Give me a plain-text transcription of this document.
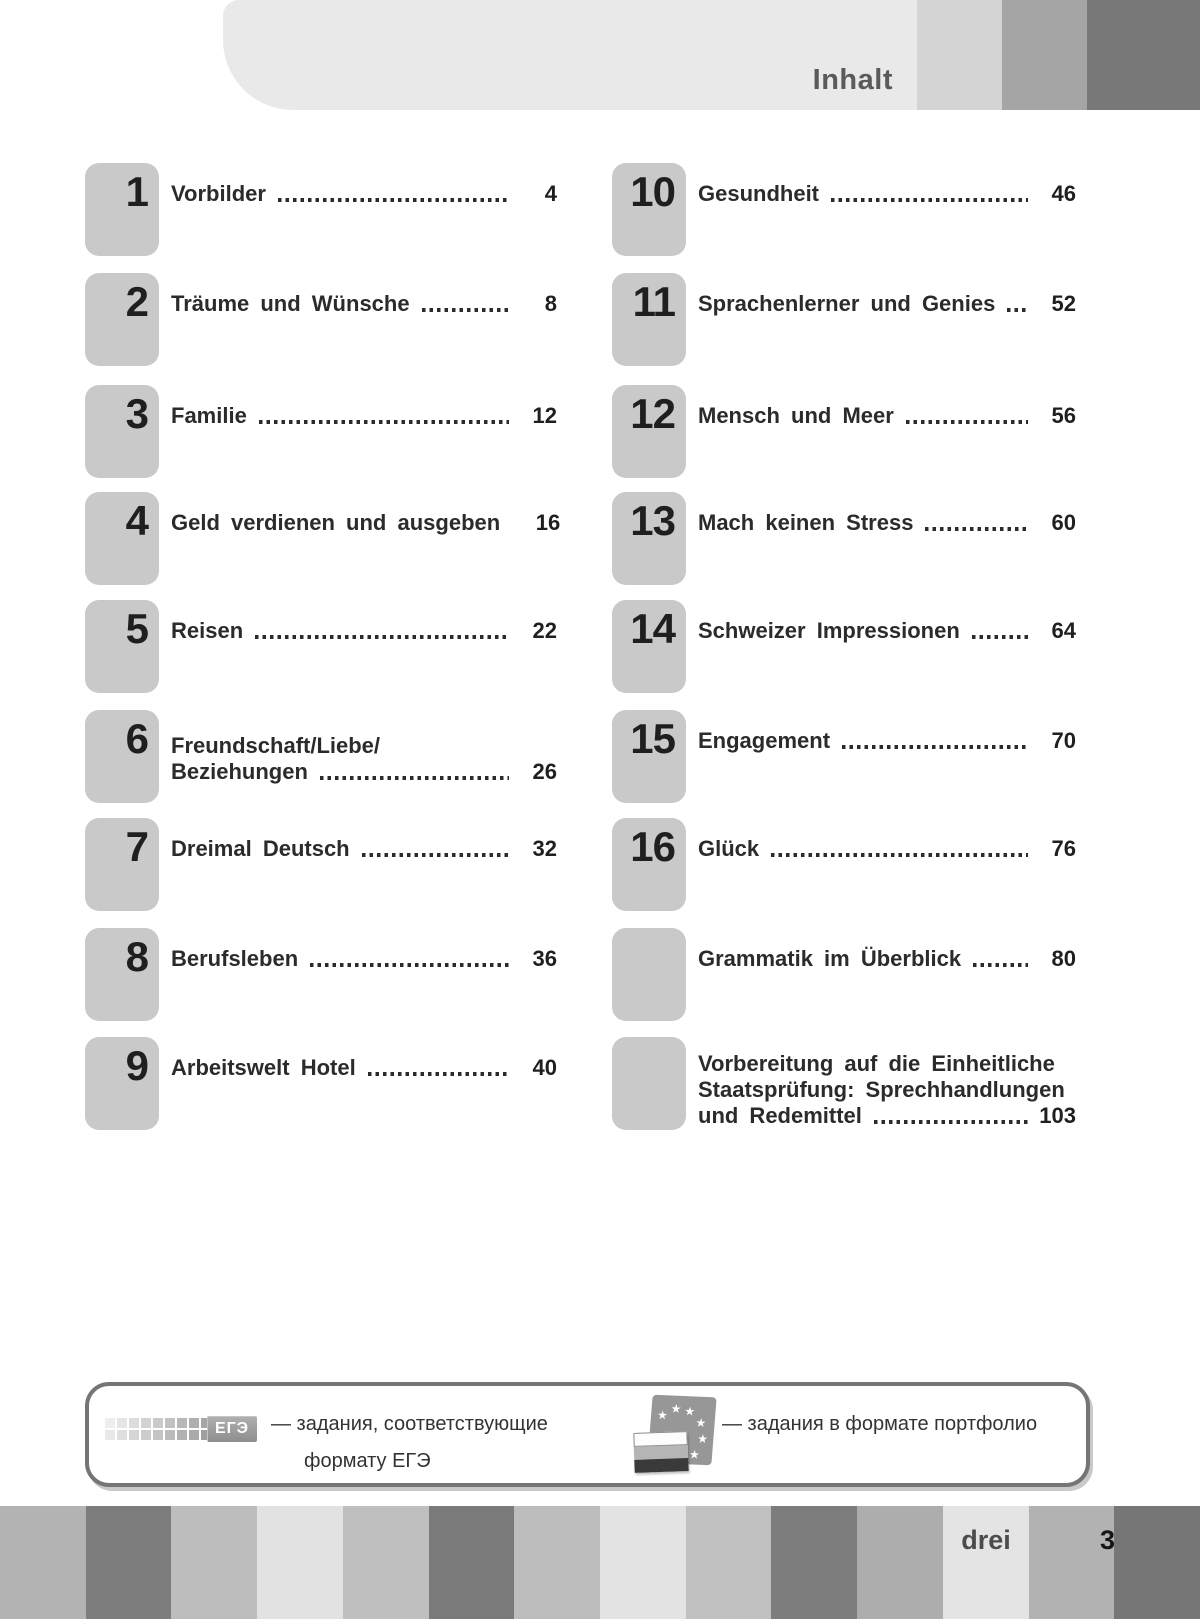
Inhalt
1	Vorbilder	4
2	Träume und Wünsche	8
3	Familie	12
4	Geld verdienen und ausgeben	16
5	Reisen	22
6	Freundschaft/Liebe/
Beziehungen	26
7	Dreimal Deutsch	32
8	Berufsleben	36
9	Arbeitswelt Hotel	40
10	Gesundheit	46
11	Sprachenlerner und Genies	52
12	Mensch und Meer	56
13	Mach keinen Stress	60
14	Schweizer Impressionen	64
15	Engagement	70
16	Glück	76
Grammatik im Überblick	80
Vorbereitung auf die Einheitliche
Staatsprüfung: Sprechhandlungen
und Redemittel	103
ЕГЭ	— задания, соответствующие
формату ЕГЭ
★ ★ ★
★
★
★
— задания в формате портфолио
drei	3
